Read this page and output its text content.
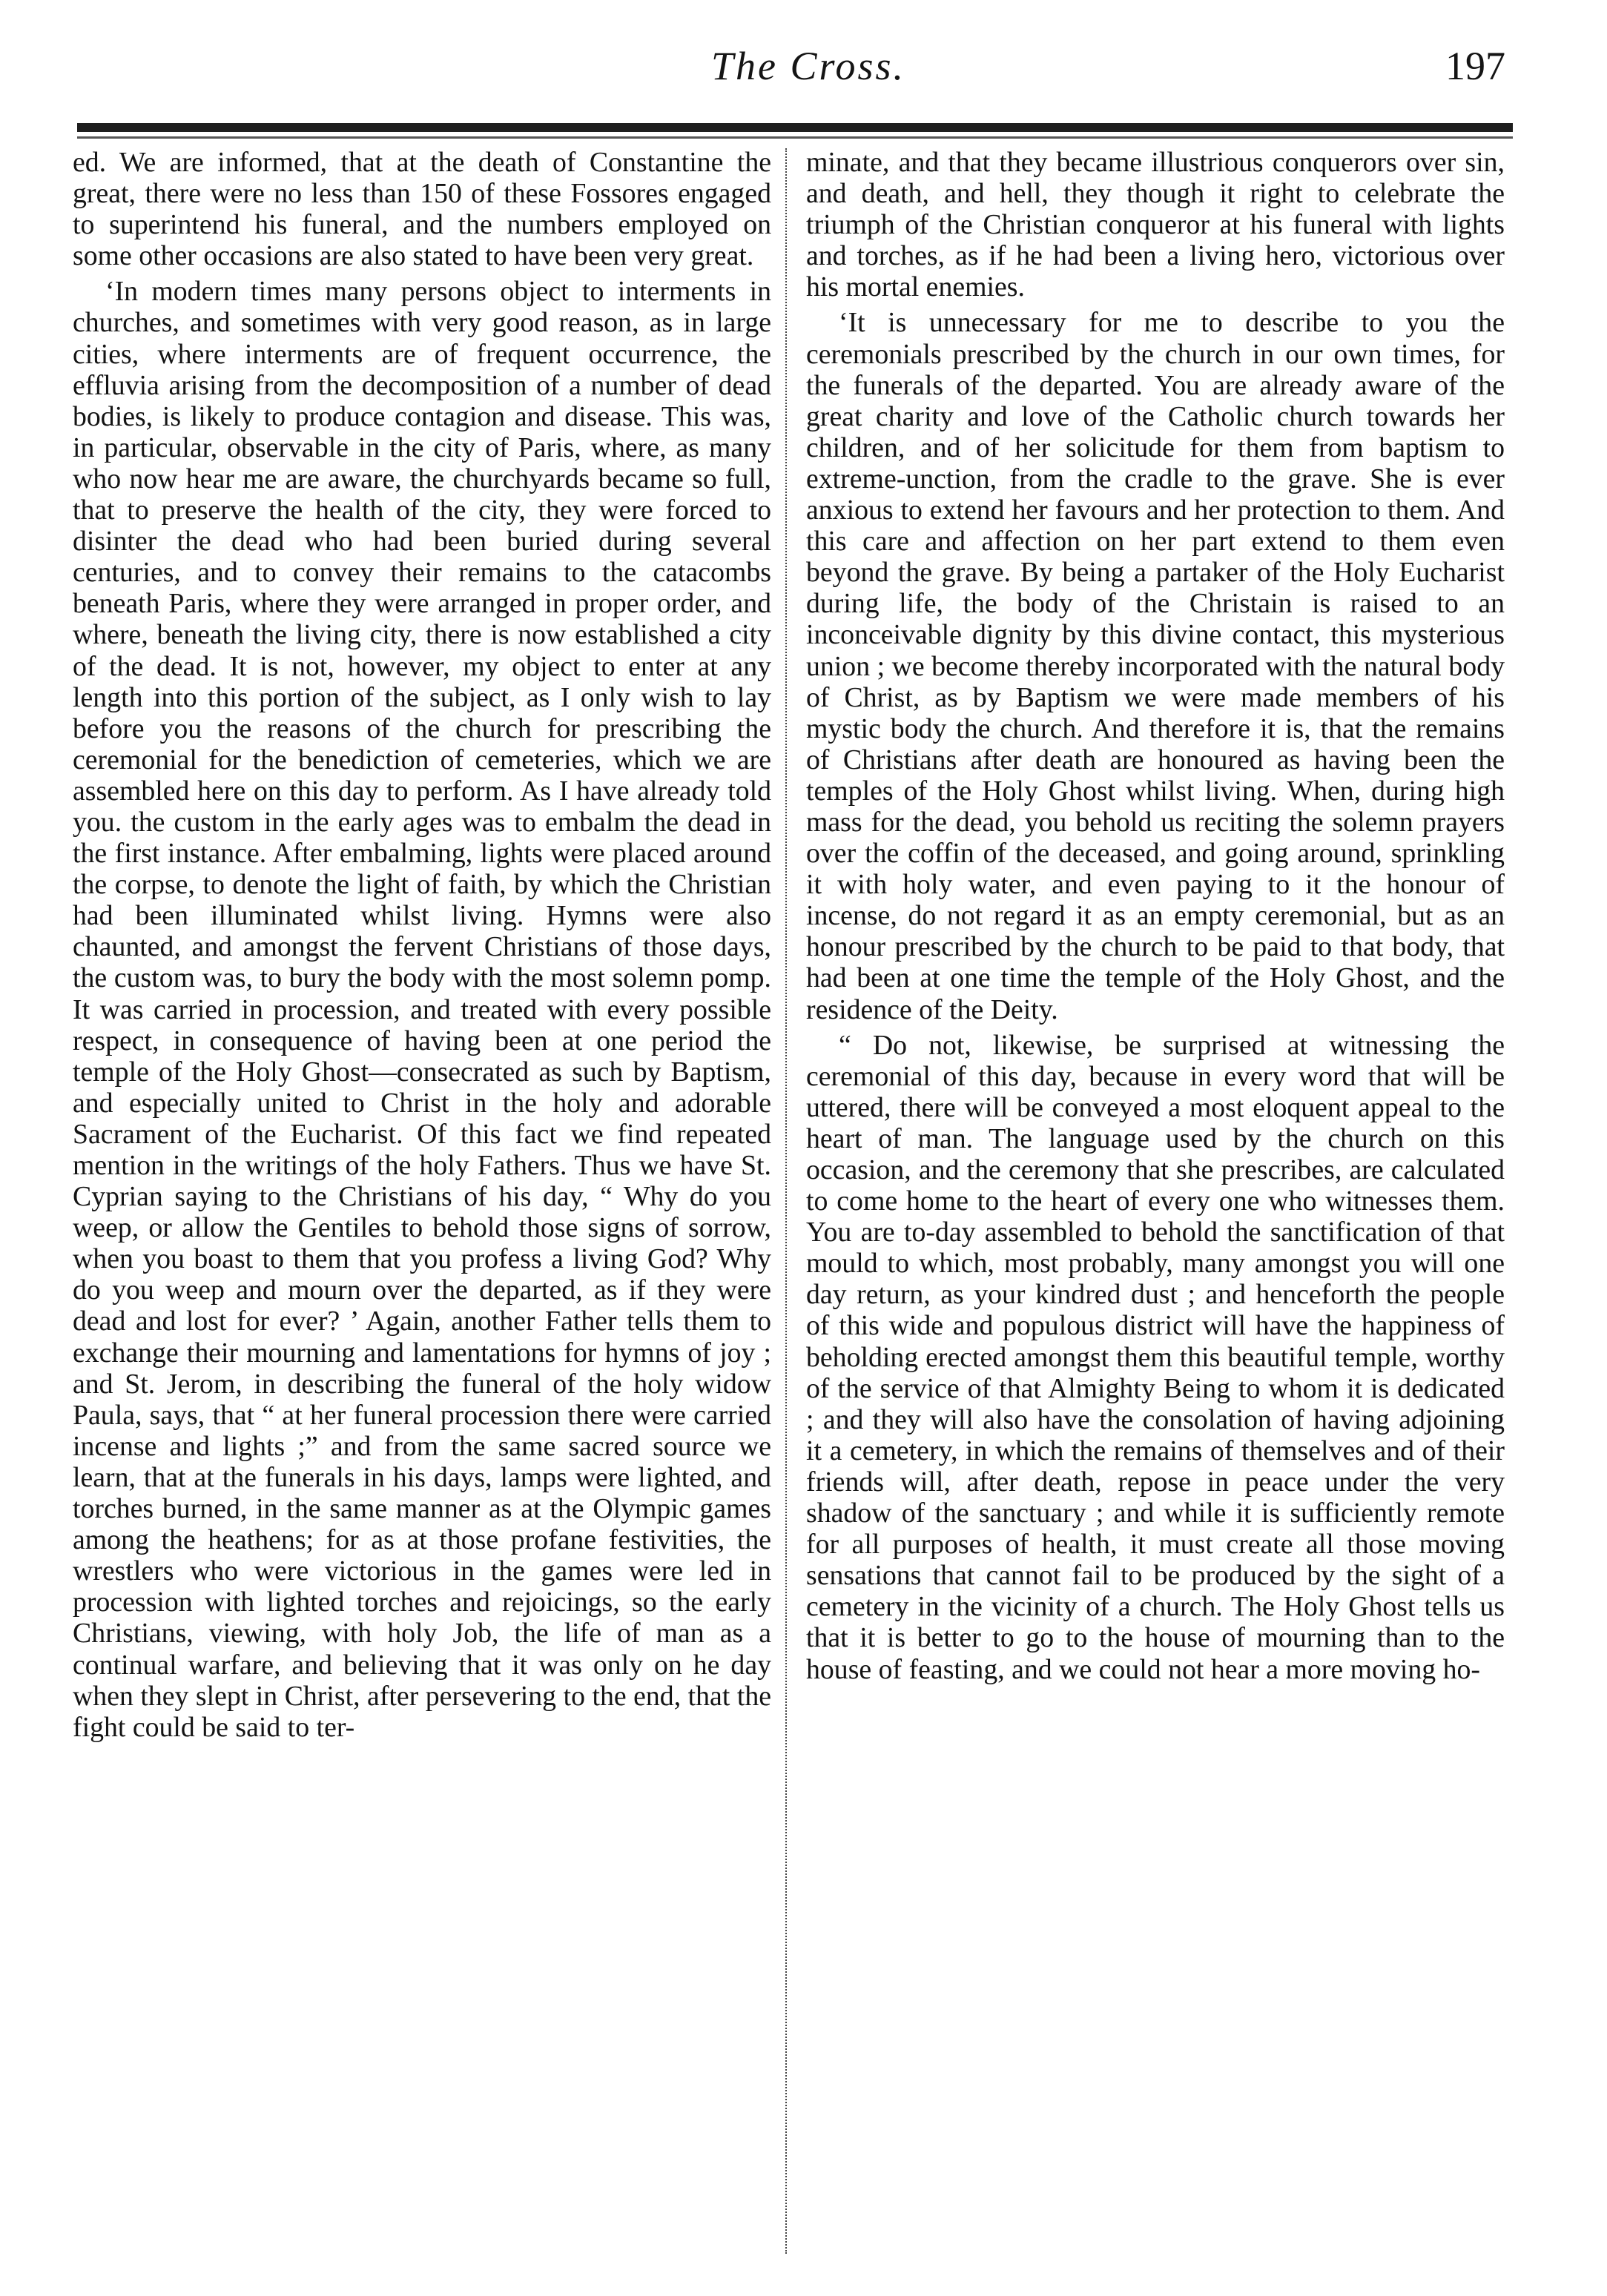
The Cross.	197

ed. We are informed, that at the death of Constantine the great, there were no less than 150 of these Fossores engaged to superintend his funeral, and the numbers employed on some other occasions are also stated to have been very great.

‘In modern times many persons object to interments in churches, and sometimes with very good reason, as in large cities, where interments are of frequent occurrence, the effluvia arising from the decomposition of a number of dead bodies, is likely to produce contagion and disease. This was, in particular, observable in the city of Paris, where, as many who now hear me are aware, the churchyards became so full, that to preserve the health of the city, they were forced to disinter the dead who had been buried during several centuries, and to convey their remains to the catacombs beneath Paris, where they were arranged in proper order, and where, beneath the living city, there is now established a city of the dead. It is not, however, my object to enter at any length into this portion of the subject, as I only wish to lay before you the reasons of the church for prescribing the ceremonial for the benediction of cemeteries, which we are assembled here on this day to perform. As I have already told you. the custom in the early ages was to embalm the dead in the first instance. After embalming, lights were placed around the corpse, to denote the light of faith, by which the Christian had been illuminated whilst living. Hymns were also chaunted, and amongst the fervent Christians of those days, the custom was, to bury the body with the most solemn pomp. It was carried in procession, and treated with every possible respect, in consequence of having been at one period the temple of the Holy Ghost—consecrated as such by Baptism, and especially united to Christ in the holy and adorable Sacrament of the Eucharist. Of this fact we find repeated mention in the writings of the holy Fathers. Thus we have St. Cyprian saying to the Christians of his day, “ Why do you weep, or allow the Gentiles to behold those signs of sorrow, when you boast to them that you profess a living God? Why do you weep and mourn over the departed, as if they were dead and lost for ever? ’ Again, another Father tells them to exchange their mourning and lamentations for hymns of joy ; and St. Jerom, in describing the funeral of the holy widow Paula, says, that “ at her funeral procession there were carried incense and lights ;” and from the same sacred source we learn, that at the funerals in his days, lamps were lighted, and torches burned, in the same manner as at the Olympic games among the heathens; for as at those profane festivities, the wrestlers who were victorious in the games were led in procession with lighted torches and rejoicings, so the early Christians, viewing, with holy Job, the life of man as a continual warfare, and believing that it was only on he day when they slept in Christ, after persevering to the end, that the fight could be said to ter-

minate, and that they became illustrious conquerors over sin, and death, and hell, they though it right to celebrate the triumph of the Christian conqueror at his funeral with lights and torches, as if he had been a living hero, victorious over his mortal enemies.

‘It is unnecessary for me to describe to you the ceremonials prescribed by the church in our own times, for the funerals of the departed. You are already aware of the great charity and love of the Catholic church towards her children, and of her solicitude for them from baptism to extreme-unction, from the cradle to the grave. She is ever anxious to extend her favours and her protection to them. And this care and affection on her part extend to them even beyond the grave. By being a partaker of the Holy Eucharist during life, the body of the Christain is raised to an inconceivable dignity by this divine contact, this mysterious union ; we become thereby incorporated with the natural body of Christ, as by Baptism we were made members of his mystic body the church. And therefore it is, that the remains of Christians after death are honoured as having been the temples of the Holy Ghost whilst living. When, during high mass for the dead, you behold us reciting the solemn prayers over the coffin of the deceased, and going around, sprinkling it with holy water, and even paying to it the honour of incense, do not regard it as an empty ceremonial, but as an honour prescribed by the church to be paid to that body, that had been at one time the temple of the Holy Ghost, and the residence of the Deity.

“ Do not, likewise, be surprised at witnessing the ceremonial of this day, because in every word that will be uttered, there will be conveyed a most eloquent appeal to the heart of man. The language used by the church on this occasion, and the ceremony that she prescribes, are calculated to come home to the heart of every one who witnesses them. You are to-day assembled to behold the sanctification of that mould to which, most probably, many amongst you will one day return, as your kindred dust ; and henceforth the people of this wide and populous district will have the happiness of beholding erected amongst them this beautiful temple, worthy of the service of that Almighty Being to whom it is dedicated ; and they will also have the consolation of having adjoining it a cemetery, in which the remains of themselves and of their friends will, after death, repose in peace under the very shadow of the sanctuary ; and while it is sufficiently remote for all purposes of health, it must create all those moving sensations that cannot fail to be produced by the sight of a cemetery in the vicinity of a church. The Holy Ghost tells us that it is better to go to the house of mourning than to the house of feasting, and we could not hear a more moving ho-
